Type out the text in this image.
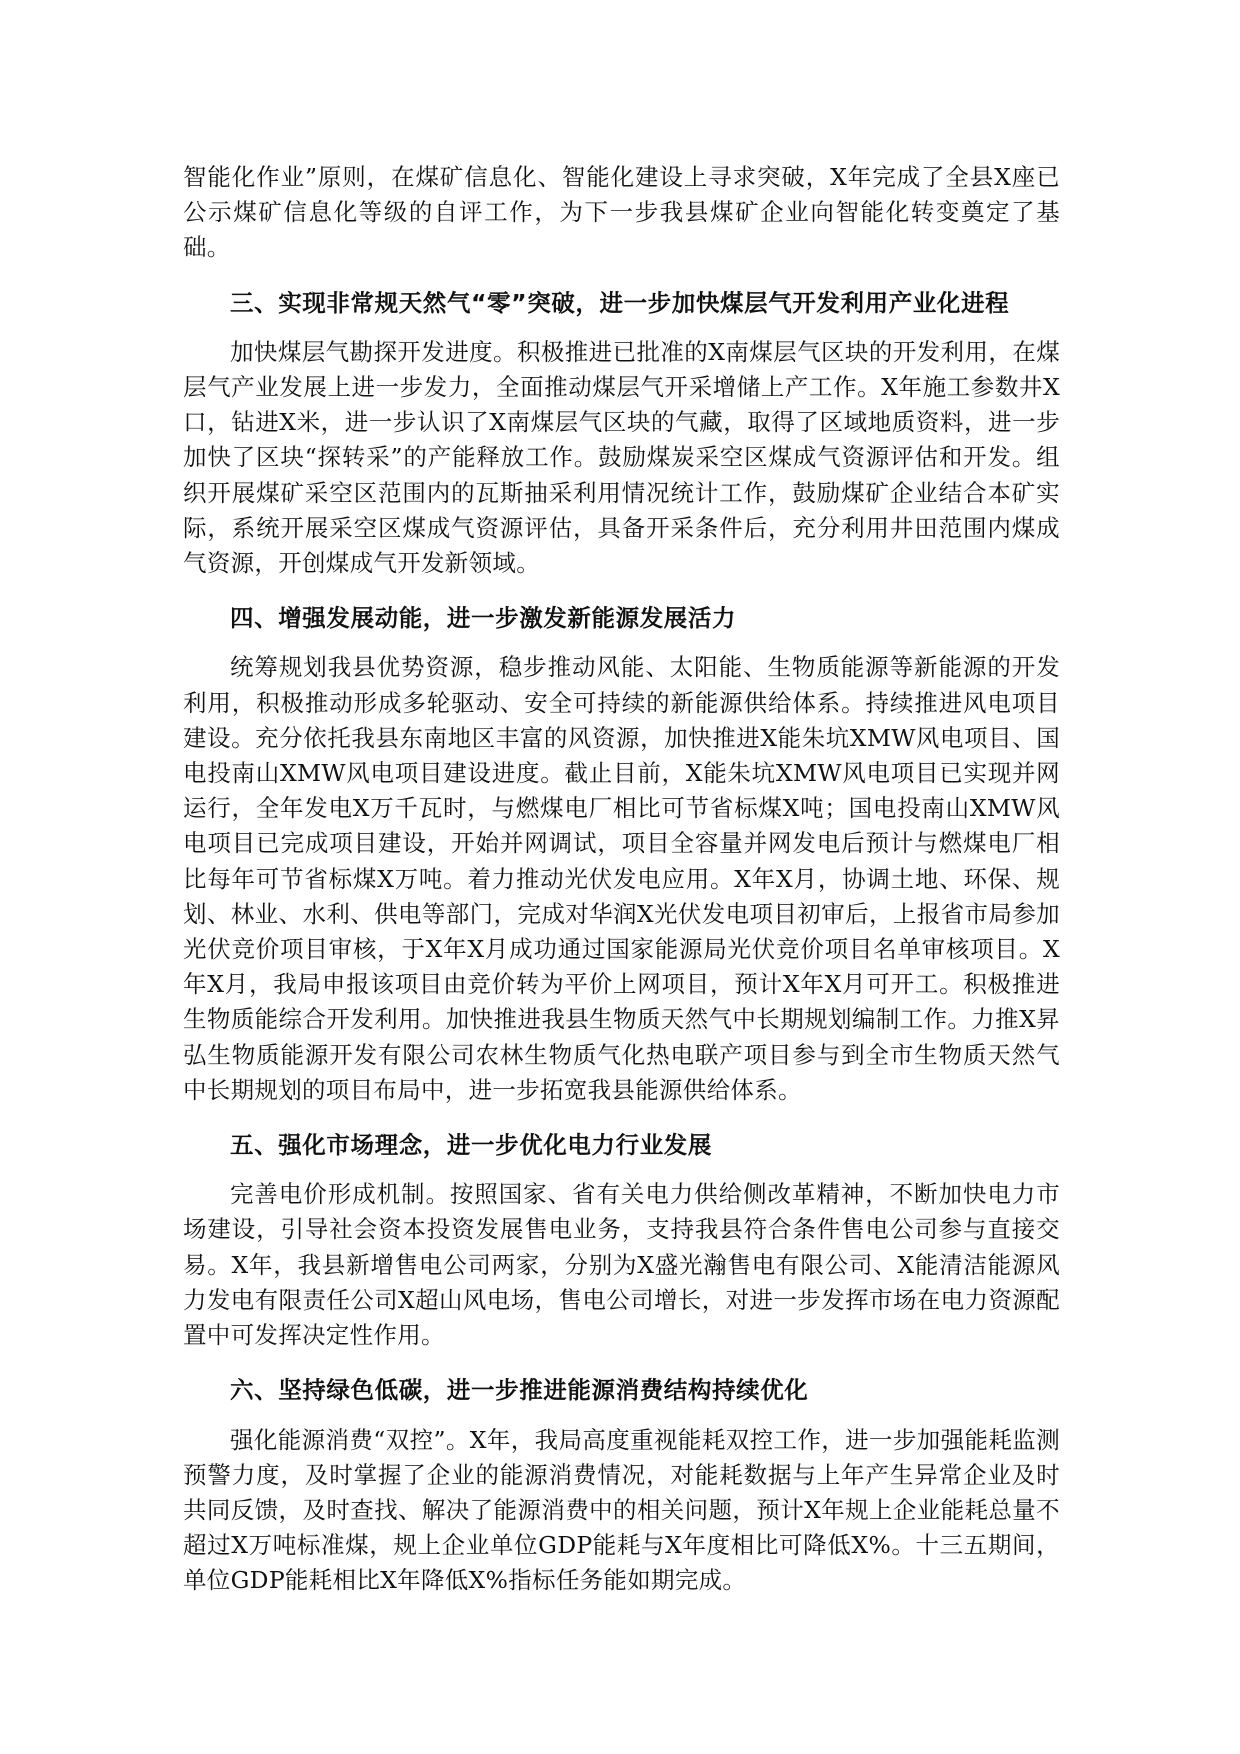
智能化作业”原则，在煤矿信息化、智能化建设上寻求突破，X年完成了全县X座已公示煤矿信息化等级的自评工作，为下一步我县煤矿企业向智能化转变奠定了基础。

三、实现非常规天然气“零”突破，进一步加快煤层气开发利用产业化进程

加快煤层气勘探开发进度。积极推进已批准的X南煤层气区块的开发利用，在煤层气产业发展上进一步发力，全面推动煤层气开采增储上产工作。X年施工参数井X口，钻进X米，进一步认识了X南煤层气区块的气藏，取得了区域地质资料，进一步加快了区块“探转采”的产能释放工作。鼓励煤炭采空区煤成气资源评估和开发。组织开展煤矿采空区范围内的瓦斯抽采利用情况统计工作，鼓励煤矿企业结合本矿实际，系统开展采空区煤成气资源评估，具备开采条件后，充分利用井田范围内煤成气资源，开创煤成气开发新领域。

四、增强发展动能，进一步激发新能源发展活力

统筹规划我县优势资源，稳步推动风能、太阳能、生物质能源等新能源的开发利用，积极推动形成多轮驱动、安全可持续的新能源供给体系。持续推进风电项目建设。充分依托我县东南地区丰富的风资源，加快推进X能朱坑XMW风电项目、国电投南山XMW风电项目建设进度。截止目前，X能朱坑XMW风电项目已实现并网运行，全年发电X万千瓦时，与燃煤电厂相比可节省标煤X吨；国电投南山XMW风电项目已完成项目建设，开始并网调试，项目全容量并网发电后预计与燃煤电厂相比每年可节省标煤X万吨。着力推动光伏发电应用。X年X月，协调土地、环保、规划、林业、水利、供电等部门，完成对华润X光伏发电项目初审后，上报省市局参加光伏竞价项目审核，于X年X月成功通过国家能源局光伏竞价项目名单审核项目。X年X月，我局申报该项目由竞价转为平价上网项目，预计X年X月可开工。积极推进生物质能综合开发利用。加快推进我县生物质天然气中长期规划编制工作。力推X昇弘生物质能源开发有限公司农林生物质气化热电联产项目参与到全市生物质天然气中长期规划的项目布局中，进一步拓宽我县能源供给体系。

五、强化市场理念，进一步优化电力行业发展

完善电价形成机制。按照国家、省有关电力供给侧改革精神，不断加快电力市场建设，引导社会资本投资发展售电业务，支持我县符合条件售电公司参与直接交易。X年，我县新增售电公司两家，分别为X盛光瀚售电有限公司、X能清洁能源风力发电有限责任公司X超山风电场，售电公司增长，对进一步发挥市场在电力资源配置中可发挥决定性作用。

六、坚持绿色低碳，进一步推进能源消费结构持续优化

强化能源消费“双控”。X年，我局高度重视能耗双控工作，进一步加强能耗监测预警力度，及时掌握了企业的能源消费情况，对能耗数据与上年产生异常企业及时共同反馈，及时查找、解决了能源消费中的相关问题，预计X年规上企业能耗总量不超过X万吨标准煤，规上企业单位GDP能耗与X年度相比可降低X%。十三五期间，单位GDP能耗相比X年降低X%指标任务能如期完成。
